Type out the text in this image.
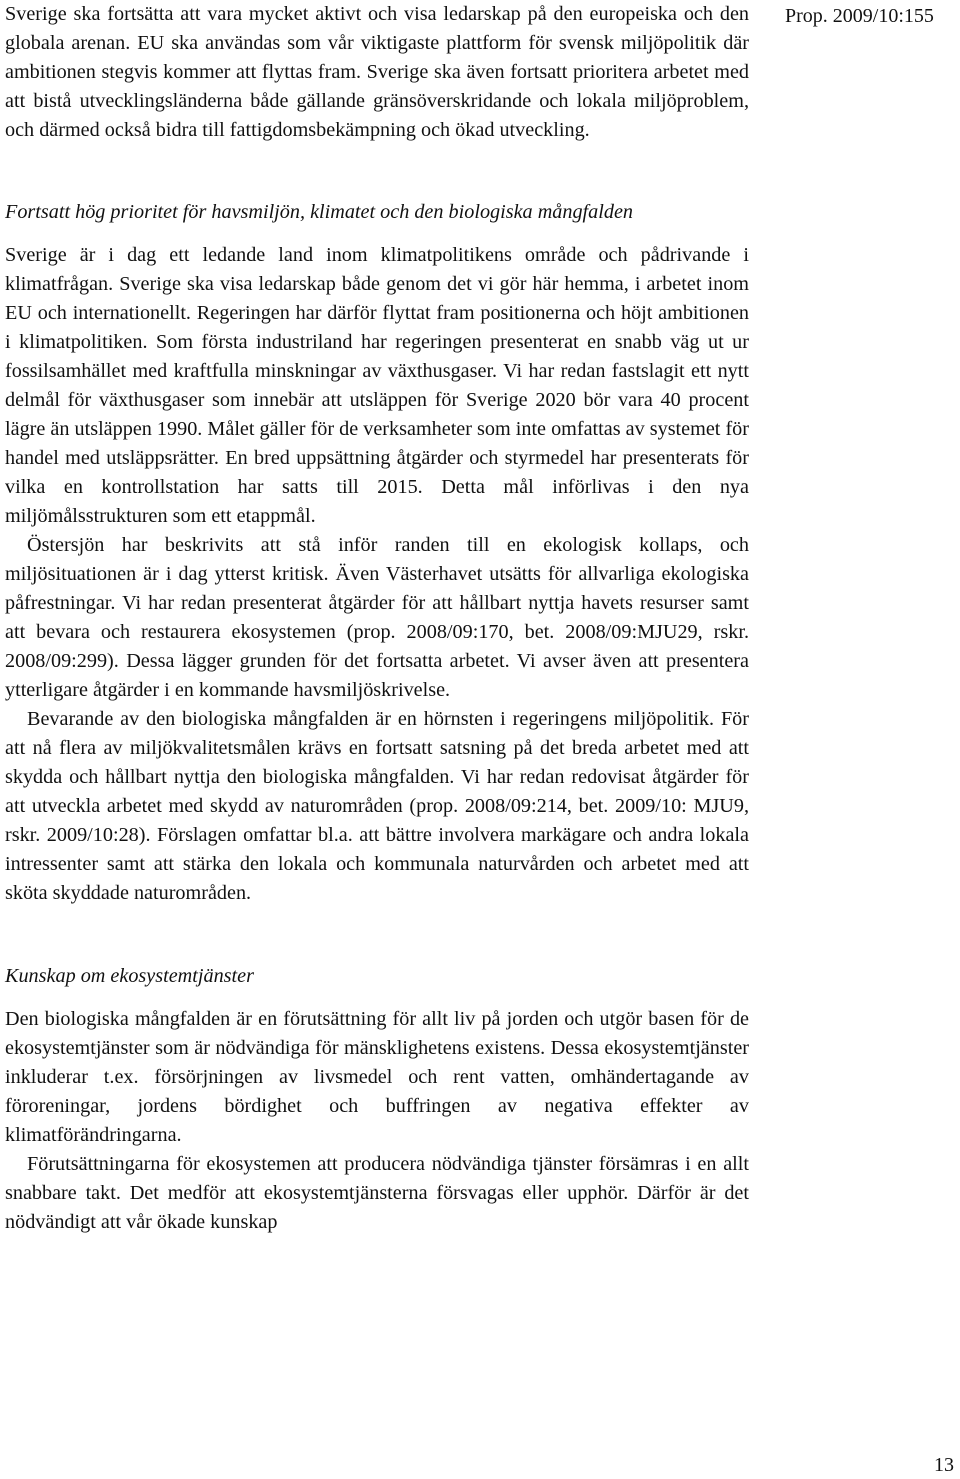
Sverige ska fortsätta att vara mycket aktivt och visa ledarskap på den europeiska och den globala arenan. EU ska användas som vår viktigaste plattform för svensk miljöpolitik där ambitionen stegvis kommer att flyttas fram. Sverige ska även fortsatt prioritera arbetet med att bistå utvecklingsländerna både gällande gränsöverskridande och lokala miljöproblem, och därmed också bidra till fattigdomsbekämpning och ökad utveckling.

Fortsatt hög prioritet för havsmiljön, klimatet och den biologiska mångfalden

Sverige är i dag ett ledande land inom klimatpolitikens område och pådrivande i klimatfrågan. Sverige ska visa ledarskap både genom det vi gör här hemma, i arbetet inom EU och internationellt. Regeringen har därför flyttat fram positionerna och höjt ambitionen i klimatpolitiken. Som första industriland har regeringen presenterat en snabb väg ut ur fossilsamhället med kraftfulla minskningar av växthusgaser. Vi har redan fastslagit ett nytt delmål för växthusgaser som innebär att utsläppen för Sverige 2020 bör vara 40 procent lägre än utsläppen 1990. Målet gäller för de verksamheter som inte omfattas av systemet för handel med utsläppsrätter. En bred uppsättning åtgärder och styrmedel har presenterats för vilka en kontrollstation har satts till 2015. Detta mål införlivas i den nya miljömålsstrukturen som ett etappmål.

Östersjön har beskrivits att stå inför randen till en ekologisk kollaps, och miljösituationen är i dag ytterst kritisk. Även Västerhavet utsätts för allvarliga ekologiska påfrestningar. Vi har redan presenterat åtgärder för att hållbart nyttja havets resurser samt att bevara och restaurera ekosystemen (prop. 2008/09:170, bet. 2008/09:MJU29, rskr. 2008/09:299). Dessa lägger grunden för det fortsatta arbetet. Vi avser även att presentera ytterligare åtgärder i en kommande havsmiljöskrivelse.

Bevarande av den biologiska mångfalden är en hörnsten i regeringens miljöpolitik. För att nå flera av miljökvalitetsmålen krävs en fortsatt satsning på det breda arbetet med att skydda och hållbart nyttja den biologiska mångfalden. Vi har redan redovisat åtgärder för att utveckla arbetet med skydd av naturområden (prop. 2008/09:214, bet. 2009/10: MJU9, rskr. 2009/10:28). Förslagen omfattar bl.a. att bättre involvera markägare och andra lokala intressenter samt att stärka den lokala och kommunala naturvården och arbetet med att sköta skyddade naturområden.

Kunskap om ekosystemtjänster

Den biologiska mångfalden är en förutsättning för allt liv på jorden och utgör basen för de ekosystemtjänster som är nödvändiga för mänsklighetens existens. Dessa ekosystemtjänster inkluderar t.ex. försörjningen av livsmedel och rent vatten, omhändertagande av föroreningar, jordens bördighet och buffringen av negativa effekter av klimatförändringarna.

Förutsättningarna för ekosystemen att producera nödvändiga tjänster försämras i en allt snabbare takt. Det medför att ekosystemtjänsterna försvagas eller upphör. Därför är det nödvändigt att vår ökade kunskap

Prop. 2009/10:155
13
